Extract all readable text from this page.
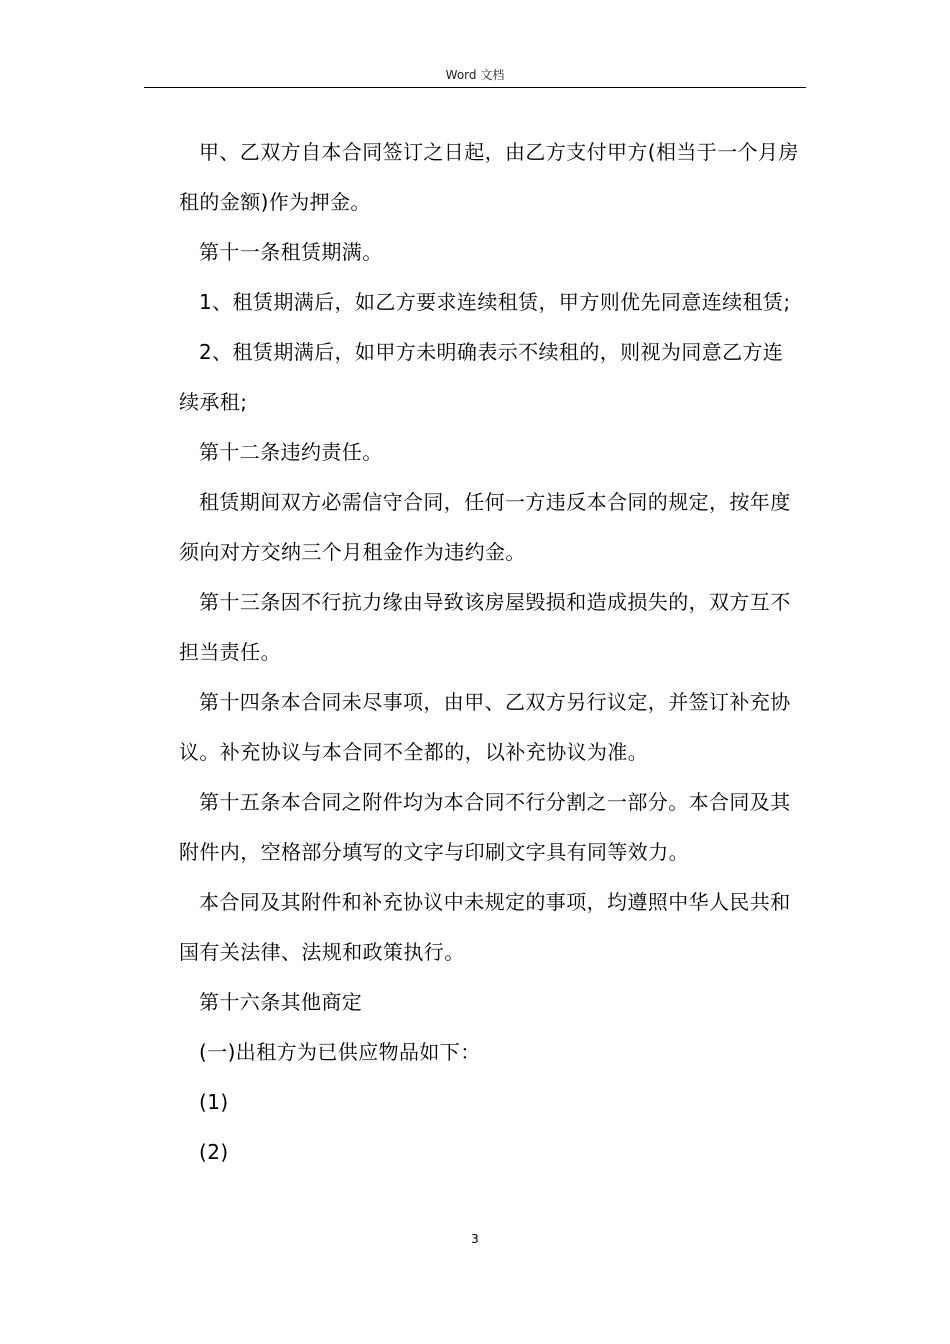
Word 文档

甲、乙双方自本合同签订之日起，由乙方支付甲方(相当于一个月房租的金额)作为押金。

第十一条租赁期满。

1、租赁期满后，如乙方要求连续租赁，甲方则优先同意连续租赁;

2、租赁期满后，如甲方未明确表示不续租的，则视为同意乙方连续承租;

第十二条违约责任。

租赁期间双方必需信守合同，任何一方违反本合同的规定，按年度须向对方交纳三个月租金作为违约金。

第十三条因不行抗力缘由导致该房屋毁损和造成损失的，双方互不担当责任。

第十四条本合同未尽事项，由甲、乙双方另行议定，并签订补充协议。补充协议与本合同不全都的，以补充协议为准。

第十五条本合同之附件均为本合同不行分割之一部分。本合同及其附件内，空格部分填写的文字与印刷文字具有同等效力。

本合同及其附件和补充协议中未规定的事项，均遵照中华人民共和国有关法律、法规和政策执行。

第十六条其他商定

(一)出租方为已供应物品如下：

(1)

(2)

3
